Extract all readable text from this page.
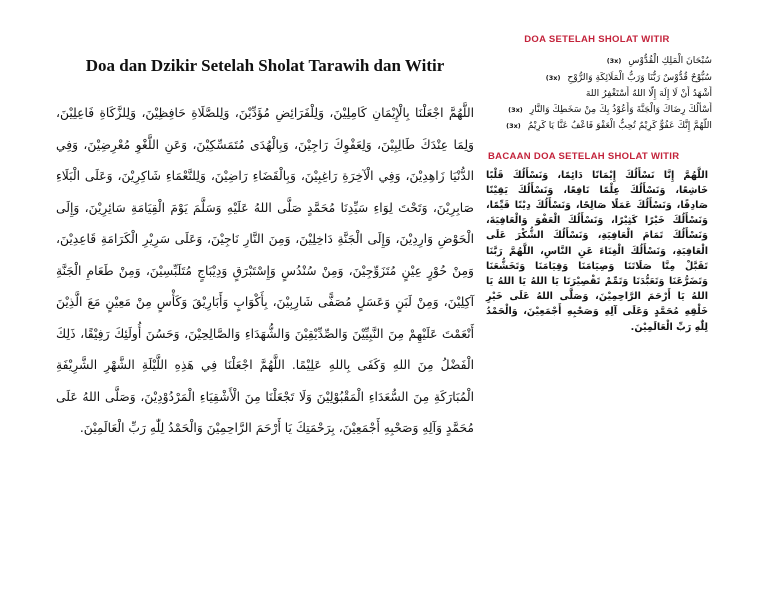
Doa dan Dzikir Setelah Sholat Tarawih dan Witir

اللَّهُمَّ اجْعَلْنَا بِالْإِيْمَانِ كَامِلِيْنَ، وَلِلْفَرَائِضِ مُؤَدِّيْنَ، وَلِلصَّلَاةِ حَافِظِيْنَ، وَلِلزَّكَاةِ فَاعِلِيْنَ، وَلِمَا عِنْدَكَ طَالِبِيْنَ، وَلِعَفْوِكَ رَاجِيْنَ، وَبِالْهُدَى مُتَمَسِّكِيْنَ، وَعَنِ اللَّغْوِ مُعْرِضِيْنَ، وَفِي الدُّنْيَا زَاهِدِيْنَ، وَفِي الْآخِرَةِ رَاغِبِيْنَ، وَبِالْقَضَاءِ رَاضِيْنَ، وَلِلنَّعْمَاءِ شَاكِرِيْنَ، وَعَلَى الْبَلَاءِ صَابِرِيْنَ، وَتَحْتَ لِوَاءِ سَيِّدِنَا مُحَمَّدٍ صَلَّى اللهُ عَلَيْهِ وَسَلَّمَ يَوْمَ الْقِيَامَةِ سَائِرِيْنَ، وَإِلَى الْحَوْضِ وَارِدِيْنَ، وَإِلَى الْجَنَّةِ دَاخِلِيْنَ، وَمِنَ النَّارِ نَاجِيْنَ، وَعَلَى سَرِيْرِ الْكَرَامَةِ قَاعِدِيْنَ، وَمِنْ حُوْرٍ عِيْنٍ مُتَزَوِّجِيْنَ، وَمِنْ سُنْدُسٍ وَإِسْتَبْرَقٍ وَدِيْبَاجٍ مُتَلَبِّسِيْنَ، وَمِنْ طَعَامِ الْجَنَّةِ آكِلِيْنَ، وَمِنْ لَبَنٍ وَعَسَلٍ مُصَفًّى شَارِبِيْنَ، بِأَكْوَابٍ وَأَبَارِيْقَ وَكَأْسٍ مِنْ مَعِيْنٍ مَعَ الَّذِيْنَ أَنْعَمْتَ عَلَيْهِمْ مِنَ النَّبِيِّيْنَ وَالصِّدِّيْقِيْنَ وَالشُّهَدَاءِ وَالصَّالِحِيْنَ، وَحَسُنَ أُولَئِكَ رَفِيْقًا، ذَلِكَ الْفَضْلُ مِنَ اللهِ وَكَفَى بِاللهِ عَلِيْمًا. اللَّهُمَّ اجْعَلْنَا فِي هَذِهِ اللَّيْلَةِ الشَّهْرِ الشَّرِيْفَةِ الْمُبَارَكَةِ مِنَ السُّعَدَاءِ الْمَقْبُوْلِيْنَ وَلَا تَجْعَلْنَا مِنَ الْأَشْقِيَاءِ الْمَرْدُوْدِيْنَ، وَصَلَّى اللهُ عَلَى مُحَمَّدٍ وَآلِهِ وَصَحْبِهِ أَجْمَعِيْنَ، بِرَحْمَتِكَ يَا أَرْحَمَ الرَّاحِمِيْنَ وَالْحَمْدُ لِلّٰهِ رَبِّ الْعَالَمِيْنَ.

DOA SETELAH SHOLAT WITIR
سُبْحَانَ الْمَلِكِ الْقُدُّوْسِ (3x)
سُبُّوْحٌ قُدُّوْسٌ رَبُّنَا وَرَبُّ الْمَلَائِكَةِ وَالرُّوْحِ (3x)
أَشْهَدُ أَنْ لَا إِلَهَ إِلَّا اللهُ أَسْتَغْفِرُ اللهَ
أَسْأَلُكَ رِضَاكَ وَالْجَنَّةَ وَأَعُوْذُ بِكَ مِنْ سَخَطِكَ وَالنَّارِ (3x)
اللَّهُمَّ إِنَّكَ عَفُوٌّ كَرِيْمٌ تُحِبُّ الْعَفْوَ فَاعْفُ عَنَّا يَا كَرِيْمُ (3x)
BACAAN DOA SETELAH SHOLAT WITIR

اللَّهُمَّ إِنَّا نَسْأَلُكَ إِيْمَانًا دَائِمًا، وَنَسْأَلُكَ قَلْبًا خَاشِعًا، وَنَسْأَلُكَ عِلْمًا نَافِعًا، وَنَسْأَلُكَ يَقِيْنًا صَادِقًا، وَنَسْأَلُكَ عَمَلًا صَالِحًا، وَنَسْأَلُكَ دِيْنًا قَيِّمًا، وَنَسْأَلُكَ خَيْرًا كَثِيْرًا، وَنَسْأَلُكَ الْعَفْوَ وَالْعَافِيَةَ، وَنَسْأَلُكَ تَمَامَ الْعَافِيَةِ، وَنَسْأَلُكَ الشُّكْرَ عَلَى الْعَافِيَةِ، وَنَسْأَلُكَ الْغِنَاءَ عَنِ النَّاسِ، اللَّهُمَّ رَبَّنَا تَقَبَّلْ مِنَّا صَلَاتَنَا وَصِيَامَنَا وَقِيَامَنَا وَتَخَشُّعَنَا وَتَضَرُّعَنَا وَتَعَبُّدَنَا وَتَمِّمْ تَقْصِيْرَنَا يَا اللهُ يَا اللهُ يَا اللهُ يَا أَرْحَمَ الرَّاحِمِيْنَ، وَصَلَّى اللهُ عَلَى خَيْرِ خَلْقِهِ مُحَمَّدٍ وَعَلَى آلِهِ وَصَحْبِهِ أَجْمَعِيْنَ، وَالْحَمْدُ لِلّٰهِ رَبِّ الْعَالَمِيْنَ.
